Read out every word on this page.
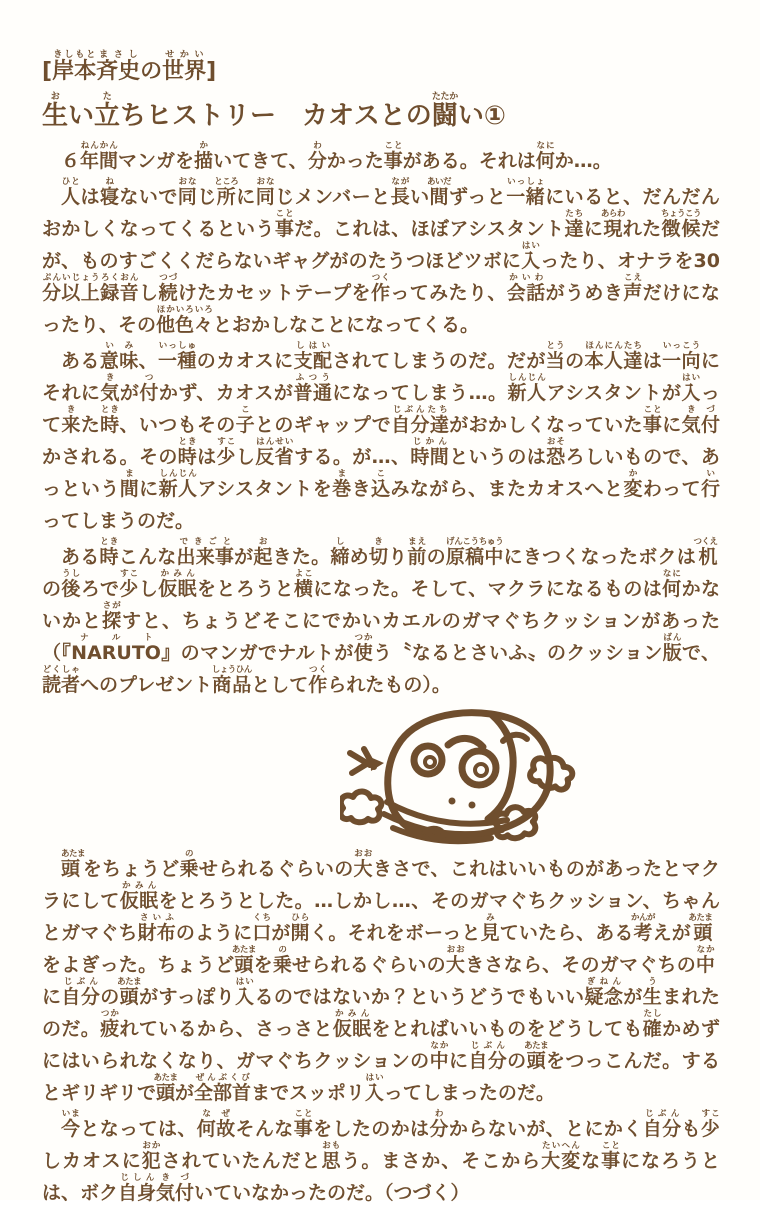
[岸本きしもと斉史まさしの世界せかい]
生おい立たちヒストリー　カオスとの闘たたかい①

６年間ねんかんマンガを描かいてきて、分わかった事ことがある。それは何なにか…。

人ひとは寝ねないで同おなじ所ところに同おなじメンバーと長ながい間あいだずっと一緒いっしょにいると、だんだんおかしくなってくるという事ことだ。これは、ほぼアシスタント達たちに現あらわれた徴候ちょうこうだが、ものすごくくだらないギャグがのたうつほどツボに入はいったり、オナラを30分以上ぷんいじょう録音ろくおんし続つづけたカセットテープを作つくってみたり、会話かいわがうめき声こえだけになったり、その他ほか色々いろいろとおかしなことになってくる。

ある意味いみ、一種いっしゅのカオスに支配しはいされてしまうのだ。だが当とうの本人達ほんにんたちは一向いっこうにそれに気きが付つかず、カオスが普通ふつうになってしまう…。新人しんじんアシスタントが入はいって来きた時とき、いつもその子ことのギャップで自分達じぶんたちがおかしくなっていた事ことに気付きづかされる。その時ときは少すこし反省はんせいする。が…、時間じかんというのは恐おそろしいもので、あっという間まに新人しんじんアシスタントを巻まき込こみながら、またカオスへと変かわって行いってしまうのだ。

ある時ときこんな出来事できごとが起おきた。締しめ切きり前まえの原稿中げんこうちゅうにきつくなったボクは机つくえの後うしろで少すこし仮眠かみんをとろうと横よこになった。そして、マクラになるものは何なにかないかと探さがすと、ちょうどそこにでかいカエルのガマぐちクッションがあった（『NARUTOナルト』のマンガでナルトが使つかう〝なるとさいふ〟のクッション版ばんで、読者どくしゃへのプレゼント商品しょうひんとして作つくられたもの）。

頭あたまをちょうど乗のせられるぐらいの大おおきさで、これはいいものがあったとマクラにして仮眠かみんをとろうとした。…しかし…、そのガマぐちクッション、ちゃんとガマぐち財布さいふのように口くちが開ひらく。それをボーっと見みていたら、ある考かんがえが頭あたまをよぎった。ちょうど頭あたまを乗のせられるぐらいの大おおきさなら、そのガマぐちの中なかに自分じぶんの頭あたまがすっぽり入はいるのではないか？というどうでもいい疑念ぎねんが生うまれたのだ。疲つかれているから、さっさと仮眠かみんをとればいいものをどうしても確たしかめずにはいられなくなり、ガマぐちクッションの中なかに自分じぶんの頭あたまをつっこんだ。するとギリギリで頭あたまが全部首ぜんぶくびまでスッポリ入はいってしまったのだ。

今いまとなっては、何故なぜそんな事ことをしたのかは分わからないが、とにかく自分じぶんも少すこしカオスに犯おかされていたんだと思おもう。まさか、そこから大変たいへんな事ことになろうとは、ボク自身じしん気付きづいていなかったのだ。（つづく）
